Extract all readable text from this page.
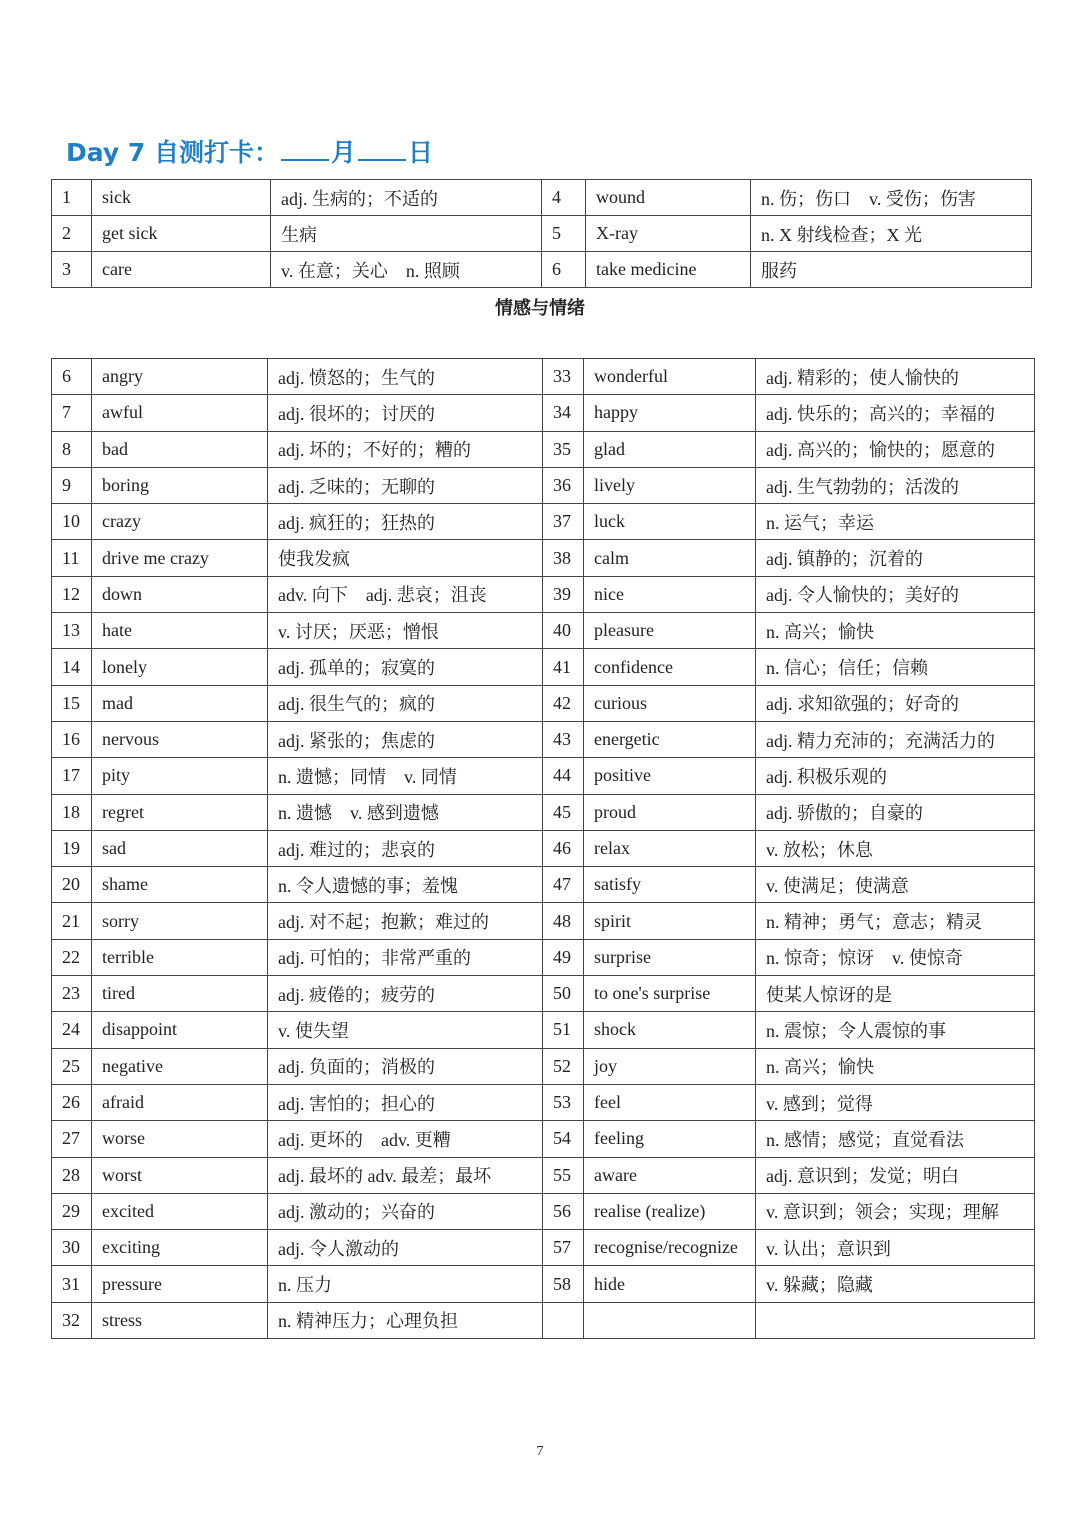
Day 7 自测打卡： 月 日
1	sick	adj. 生病的；不适的	4	wound	n. 伤；伤口　v. 受伤；伤害
2	get sick	生病	5	X-ray	n. X 射线检查；X 光
3	care	v. 在意；关心　n. 照顾	6	take medicine	服药
情感与情绪
6	angry	adj. 愤怒的；生气的	33	wonderful	adj. 精彩的；使人愉快的
7	awful	adj. 很坏的；讨厌的	34	happy	adj. 快乐的；高兴的；幸福的
8	bad	adj. 坏的；不好的；糟的	35	glad	adj. 高兴的；愉快的；愿意的
9	boring	adj. 乏味的；无聊的	36	lively	adj. 生气勃勃的；活泼的
10	crazy	adj. 疯狂的；狂热的	37	luck	n. 运气；幸运
11	drive me crazy	使我发疯	38	calm	adj. 镇静的；沉着的
12	down	adv. 向下　adj. 悲哀；沮丧	39	nice	adj. 令人愉快的；美好的
13	hate	v. 讨厌；厌恶；憎恨	40	pleasure	n. 高兴；愉快
14	lonely	adj. 孤单的；寂寞的	41	confidence	n. 信心；信任；信赖
15	mad	adj. 很生气的；疯的	42	curious	adj. 求知欲强的；好奇的
16	nervous	adj. 紧张的；焦虑的	43	energetic	adj. 精力充沛的；充满活力的
17	pity	n. 遗憾；同情　v. 同情	44	positive	adj. 积极乐观的
18	regret	n. 遗憾　v. 感到遗憾	45	proud	adj. 骄傲的；自豪的
19	sad	adj. 难过的；悲哀的	46	relax	v. 放松；休息
20	shame	n. 令人遗憾的事；羞愧	47	satisfy	v. 使满足；使满意
21	sorry	adj. 对不起；抱歉；难过的	48	spirit	n. 精神；勇气；意志；精灵
22	terrible	adj. 可怕的；非常严重的	49	surprise	n. 惊奇；惊讶　v. 使惊奇
23	tired	adj. 疲倦的；疲劳的	50	to one's surprise	使某人惊讶的是
24	disappoint	v. 使失望	51	shock	n. 震惊；令人震惊的事
25	negative	adj. 负面的；消极的	52	joy	n. 高兴；愉快
26	afraid	adj. 害怕的；担心的	53	feel	v. 感到；觉得
27	worse	adj. 更坏的　adv. 更糟	54	feeling	n. 感情；感觉；直觉看法
28	worst	adj. 最坏的 adv. 最差；最坏	55	aware	adj. 意识到；发觉；明白
29	excited	adj. 激动的；兴奋的	56	realise (realize)	v. 意识到；领会；实现；理解
30	exciting	adj. 令人激动的	57	recognise/recognize	v. 认出；意识到
31	pressure	n. 压力	58	hide	v. 躲藏；隐藏
32	stress	n. 精神压力；心理负担			
7
